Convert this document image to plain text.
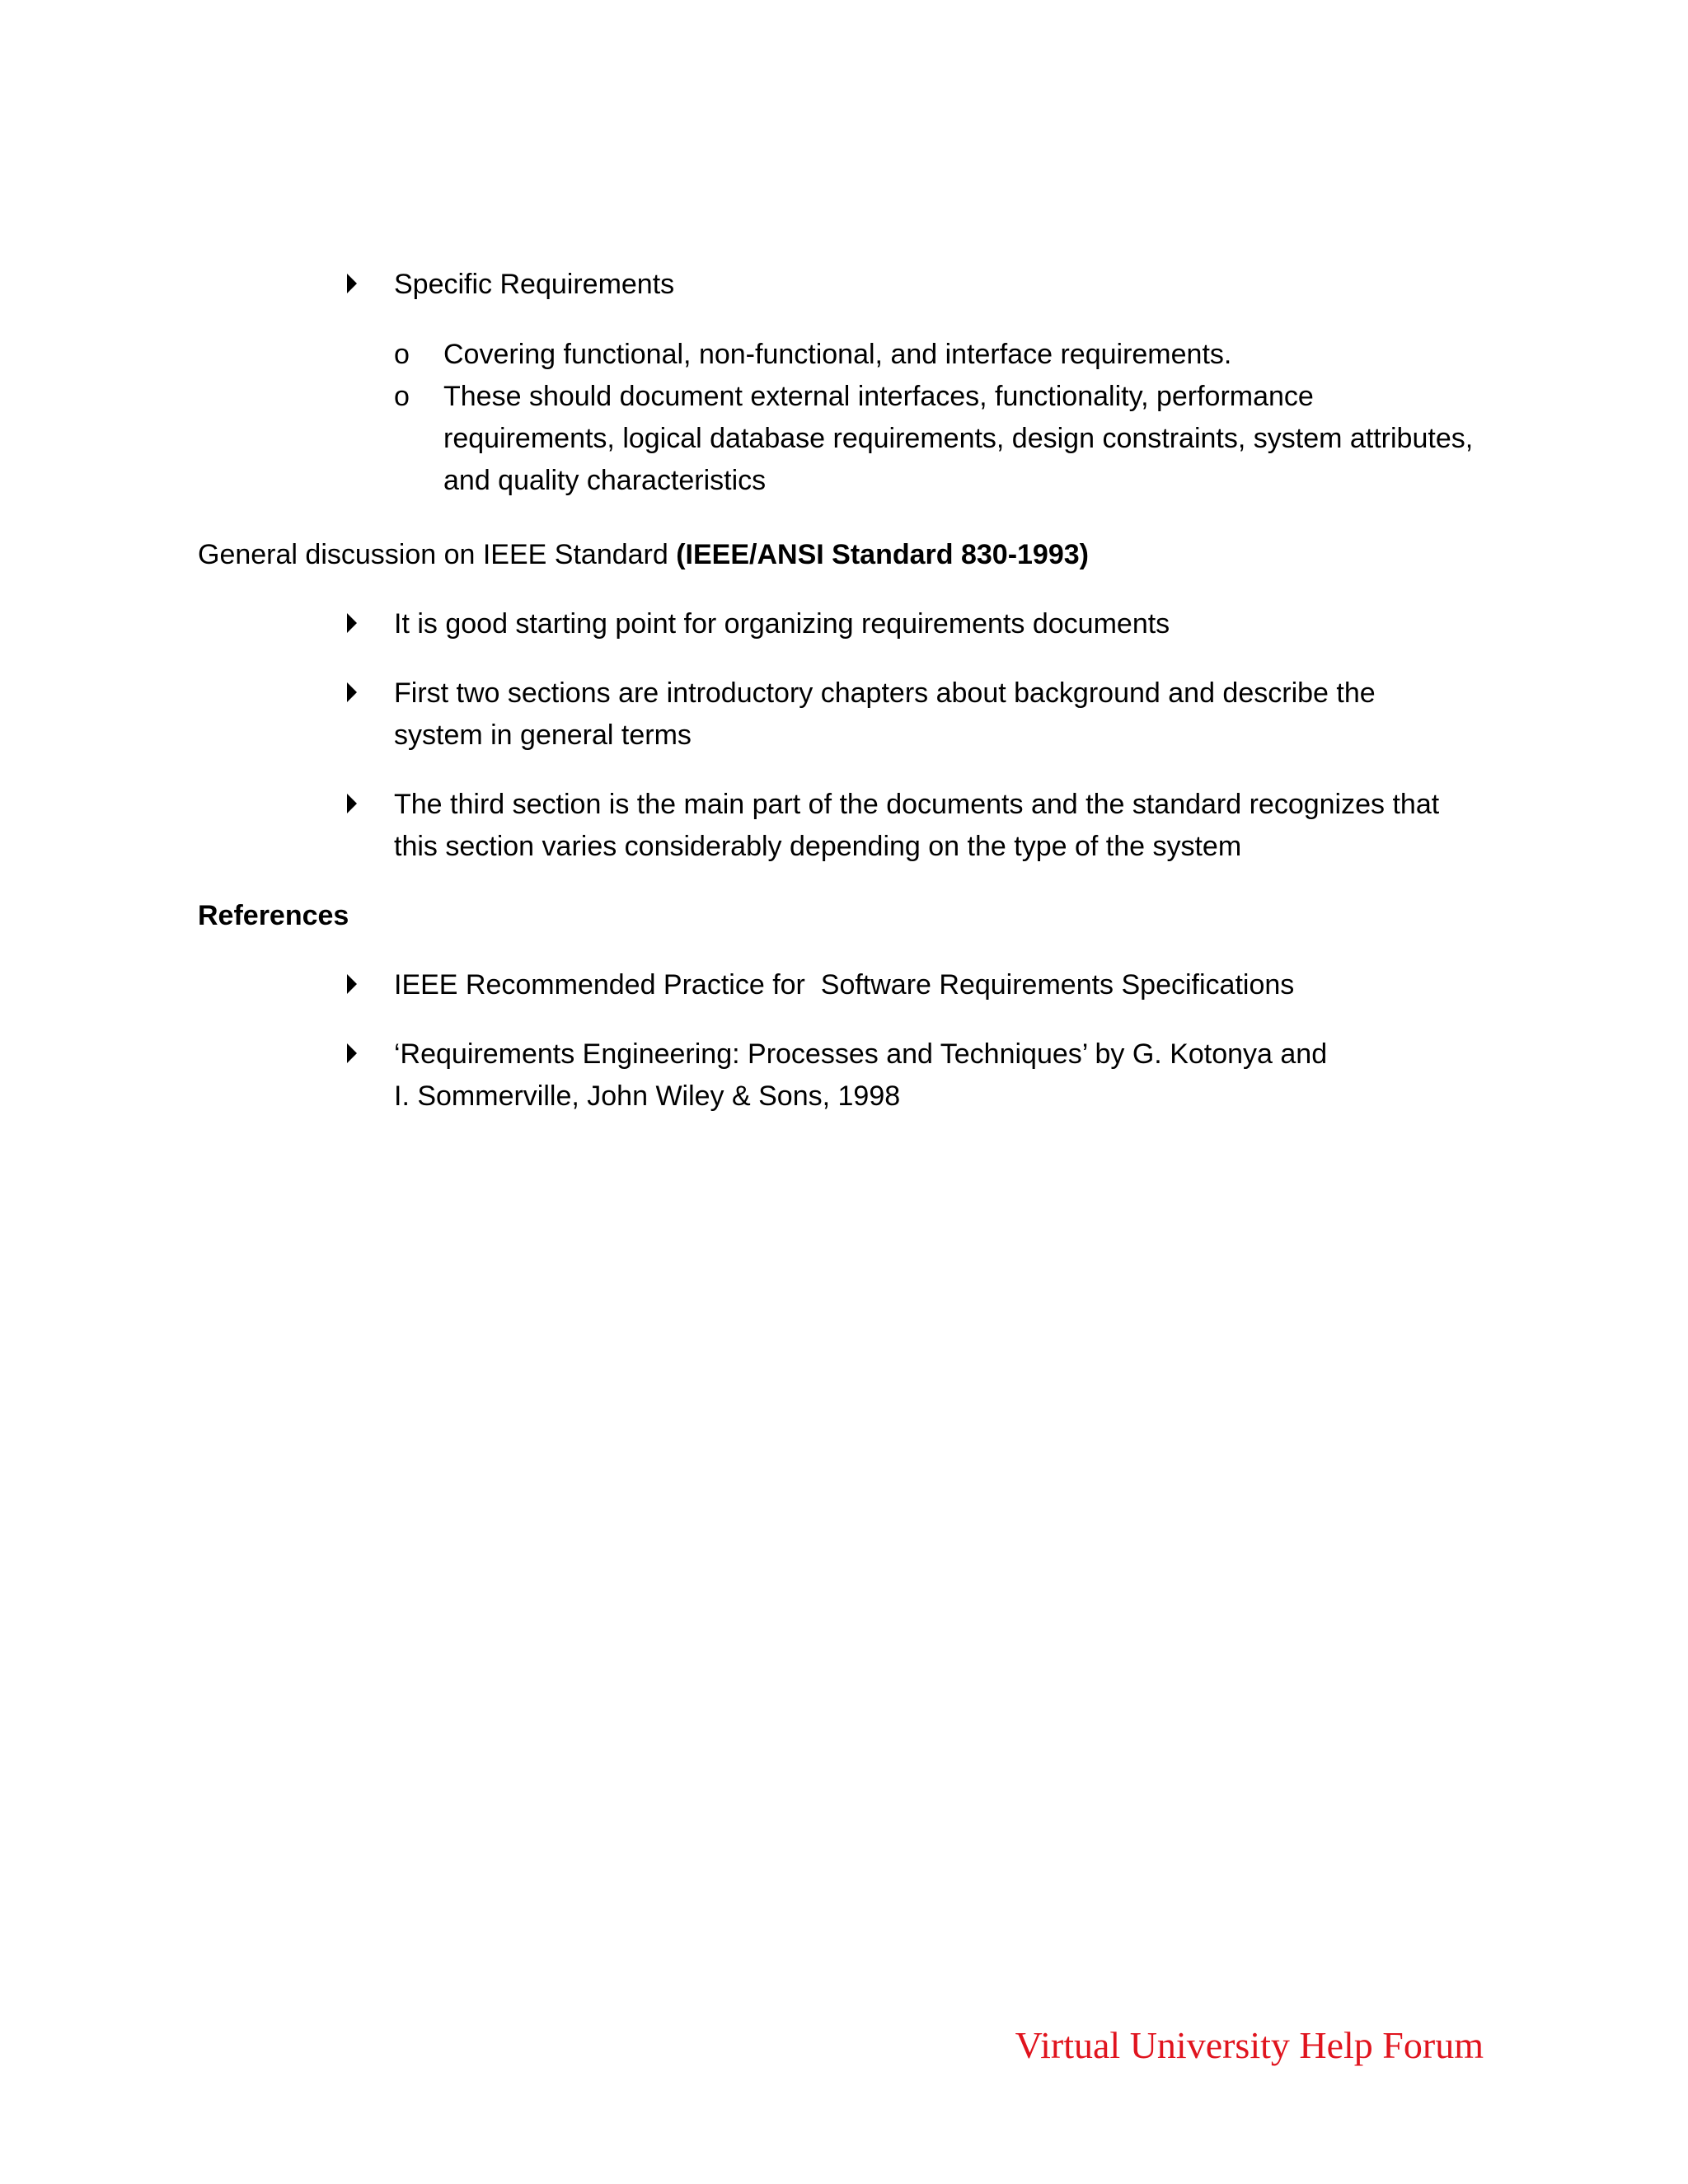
Specific Requirements
o Covering functional, non-functional, and interface requirements.
o These should document external interfaces, functionality, performance requirements, logical database requirements, design constraints, system attributes, and quality characteristics
General discussion on IEEE Standard (IEEE/ANSI Standard 830-1993)
It is good starting point for organizing requirements documents
First two sections are introductory chapters about background and describe the system in general terms
The third section is the main part of the documents and the standard recognizes that this section varies considerably depending on the type of the system
References
IEEE Recommended Practice for  Software Requirements Specifications
‘Requirements Engineering: Processes and Techniques’ by G. Kotonya and I. Sommerville, John Wiley & Sons, 1998
Virtual University Help Forum
